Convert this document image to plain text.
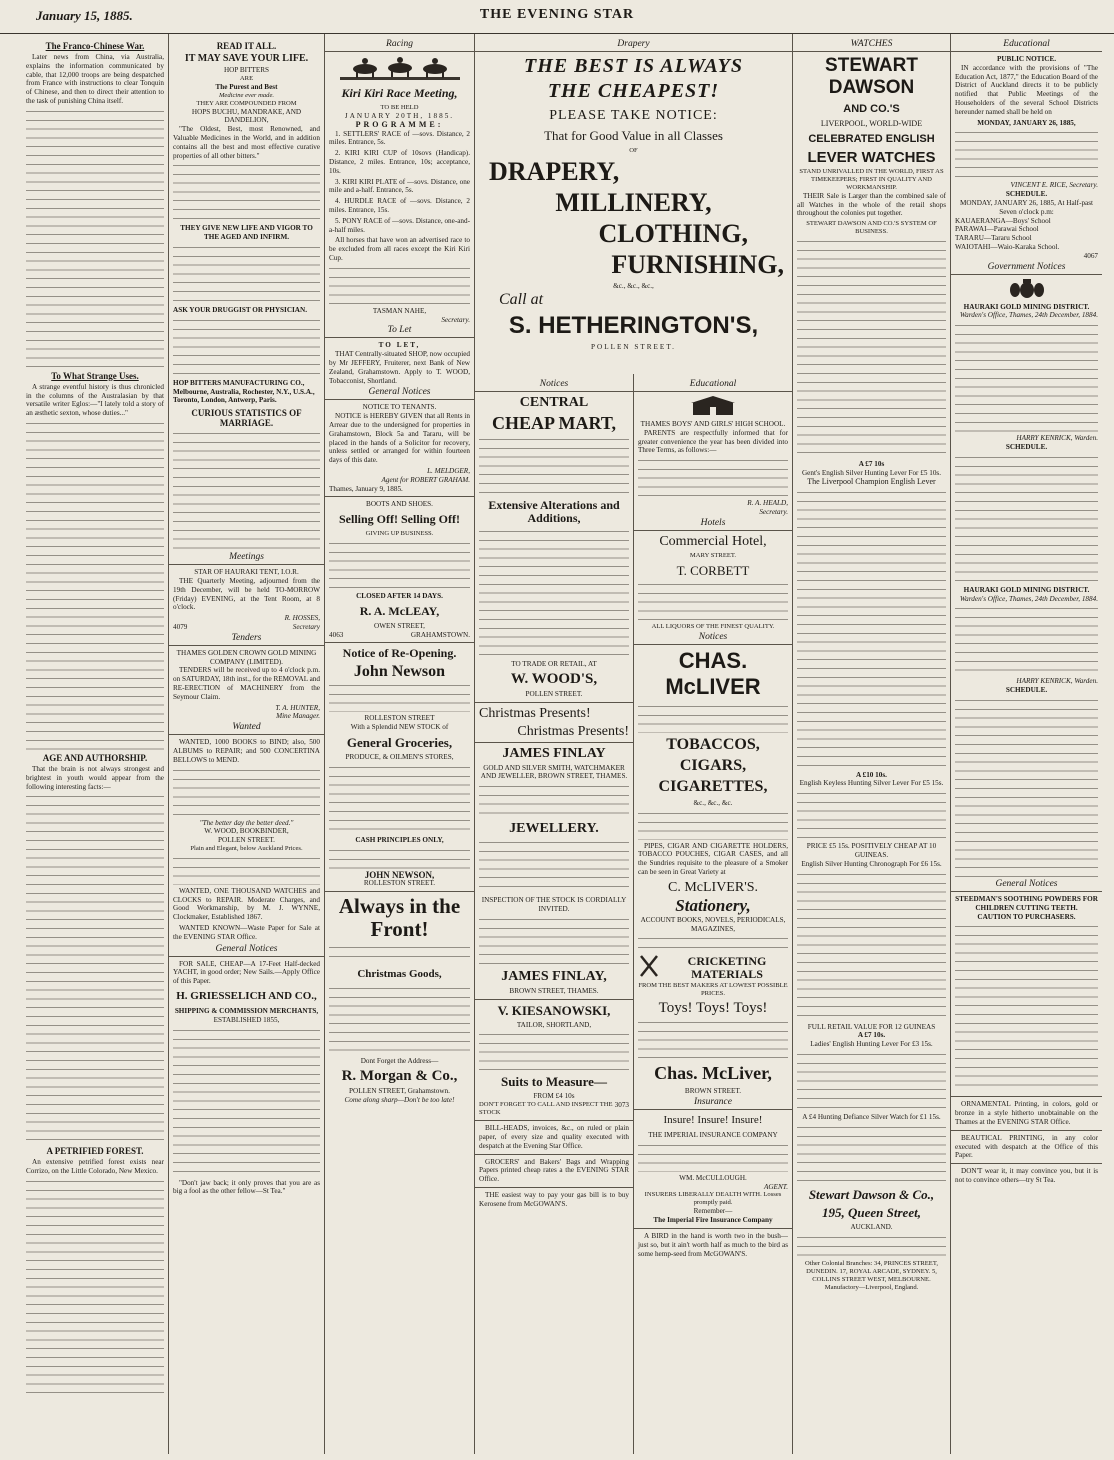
January 15, 1885.	THE EVENING STAR
The Franco-Chinese War.
Later news from China, via Australia, explains the information communicated by cable, that 12,000 troops are being despatched from France with instructions to clear Tonquin of Chinese, and then to direct their attention to the task of punishing China itself.
To What Strange Uses.
A strange eventful history is thus chronicled in the columns of the Australasian by that versatile writer Eglos:—"I lately told a story of an æsthetic sexton, whose duties..."
AGE AND AUTHORSHIP.
That the brain is not always strongest and brightest in youth would appear from the following interesting facts:—
A PETRIFIED FOREST.
An extensive petrified forest exists near Corrizo, on the Little Colorado, New Mexico.
READ IT ALL.
IT MAY SAVE YOUR LIFE.
HOP BITTERS
ARE
The Purest and Best
Medicine ever made.
THEY ARE COMPOUNDED FROM
HOPS BUCHU, MANDRAKE, AND DANDELION,
"The Oldest, Best, most Renowned, and Valuable Medicines in the World, and in addition contains all the best and most effective curative properties of all other bitters."
THEY GIVE NEW LIFE AND VIGOR TO THE AGED AND INFIRM.
ASK YOUR DRUGGIST OR PHYSICIAN.
HOP BITTERS MANUFACTURING CO., Melbourne, Australia, Rochester, N.Y., U.S.A., Toronto, London, Antwerp, Paris.
CURIOUS STATISTICS OF MARRIAGE.
Meetings
STAR OF HAURAKI TENT, I.O.R.
THE Quarterly Meeting, adjourned from the 19th December, will be held TO-MORROW (Friday) EVENING, at the Tent Room, at 8 o'clock.
R. HOSSES,
4079	Secretary
Tenders
THAMES GOLDEN CROWN GOLD MINING COMPANY (LIMITED).
TENDERS will be received up to 4 o'clock p.m. on SATURDAY, 18th inst., for the REMOVAL and RE-ERECTION of MACHINERY from the Seymour Claim.
T. A. HUNTER,
Mine Manager.
Wanted
WANTED, 1000 BOOKS to BIND; also, 500 ALBUMS to REPAIR; and 500 CONCERTINA BELLOWS to MEND.
"The better day the better deed."
W. WOOD, BOOKBINDER,
POLLEN STREET.
Plain and Elegant, below Auckland Prices.
WANTED, ONE THOUSAND WATCHES and CLOCKS to REPAIR. Moderate Charges, and Good Workmanship, by M. J. WYNNE, Clockmaker, Established 1867.
WANTED KNOWN—Waste Paper for Sale at the EVENING STAR Office.
General Notices
FOR SALE, CHEAP—A 17-Feet Half-decked YACHT, in good order; New Sails.—Apply Office of this Paper.
H. GRIESSELICH AND CO.,
SHIPPING & COMMISSION MERCHANTS,
ESTABLISHED 1855,
"Don't jaw back; it only proves that you are as big a fool as the other fellow—St Tea."
Racing
Kiri Kiri Race Meeting,
TO BE HELD
JANUARY 20TH, 1885.
PROGRAMME:
1. SETTLERS' RACE of —sovs. Distance, 2 miles. Entrance, 5s.
2. KIRI KIRI CUP of 10sovs (Handicap). Distance, 2 miles. Entrance, 10s; acceptance, 10s.
3. KIRI KIRI PLATE of —sovs. Distance, one mile and a-half. Entrance, 5s.
4. HURDLE RACE of —sovs. Distance, 2 miles. Entrance, 15s.
5. PONY RACE of —sovs. Distance, one-and-a-half miles.
All horses that have won an advertised race to be excluded from all races except the Kiri Kiri Cup.
TASMAN NAHE,
Secretary.
To Let
TO LET,
THAT Centrally-situated SHOP, now occupied by Mr JEFFERY, Fruiterer, next Bank of New Zealand, Grahamstown. Apply to T. WOOD, Tobacconist, Shortland.
General Notices
NOTICE TO TENANTS.
NOTICE is HEREBY GIVEN that all Rents in Arrear due to the undersigned for properties in Grahamstown, Block 5a and Tararu, will be placed in the hands of a Solicitor for recovery, unless settled or arranged for within fourteen days of this date.
L. MELDGER,
Agent for ROBERT GRAHAM.
Thames, January 9, 1885.
BOOTS AND SHOES.
Selling Off! Selling Off!
GIVING UP BUSINESS.
CLOSED AFTER 14 DAYS.
R. A. McLEAY,
OWEN STREET,
4063	GRAHAMSTOWN.
Notice of Re-Opening.
John Newson
ROLLESTON STREET
With a Splendid NEW STOCK of
General Groceries,
PRODUCE, & OILMEN'S STORES,
CASH PRINCIPLES ONLY,
JOHN NEWSON,
ROLLESTON STREET.
Always in the Front!
Christmas Goods,
Dont Forget the Address—
R. Morgan & Co.,
POLLEN STREET, Grahamstown.
Come along sharp—Don't be too late!
Drapery
THE BEST IS ALWAYS
THE CHEAPEST!
PLEASE TAKE NOTICE:
That for Good Value in all Classes
OF
DRAPERY,
MILLINERY,
CLOTHING,
FURNISHING,
&c., &c., &c.,
Call at
S. HETHERINGTON'S,
POLLEN STREET.
Notices
CENTRAL
CHEAP MART,
Extensive Alterations and Additions,
TO TRADE OR RETAIL, AT
W. WOOD'S,
POLLEN STREET.
Christmas Presents!
Christmas Presents!
JAMES FINLAY
GOLD AND SILVER SMITH, WATCHMAKER AND JEWELLER, BROWN STREET, THAMES.
JEWELLERY.
INSPECTION OF THE STOCK IS CORDIALLY INVITED.
JAMES FINLAY,
BROWN STREET, THAMES.
V. KIESANOWSKI,
TAILOR, SHORTLAND,
Suits to Measure—
FROM £4 10s
DON'T FORGET TO CALL AND INSPECT THE STOCK
3073
BILL-HEADS, invoices, &c., on ruled or plain paper, of every size and quality executed with despatch at the Evening Star Office.
GROCERS' and Bakers' Bags and Wrapping Papers printed cheap rates a the EVENING STAR Office.
THE easiest way to pay your gas bill is to buy Kerosene from McGOWAN'S.
Educational
THAMES BOYS' AND GIRLS' HIGH SCHOOL.
PARENTS are respectfully informed that for greater convenience the year has been divided into Three Terms, as follows:—
R. A. HEALD,
Secretary.
Hotels
Commercial Hotel,
MARY STREET.
T. CORBETT
ALL LIQUORS OF THE FINEST QUALITY.
Notices
CHAS. McLIVER
TOBACCOS,
CIGARS,
CIGARETTES,
&c., &c., &c.
PIPES, CIGAR AND CIGARETTE HOLDERS, TOBACCO POUCHES, CIGAR CASES, and all the Sundries requisite to the pleasure of a Smoker can be seen in Great Variety at
C. McLIVER'S.
Stationery,
ACCOUNT BOOKS, NOVELS, PERIODICALS, MAGAZINES,
CRICKETING MATERIALS
FROM THE BEST MAKERS AT LOWEST POSSIBLE PRICES.
Toys! Toys! Toys!
Chas. McLiver,
BROWN STREET.
Insurance
Insure! Insure! Insure!
THE IMPERIAL INSURANCE COMPANY
WM. McCULLOUGH.
AGENT.
INSURERS LIBERALLY DEALTH WITH. Losses promptly paid.
Remember—
The Imperial Fire Insurance Company
A BIRD in the hand is worth two in the bush—just so, but it ain't worth half as much to the bird as some hemp-seed from McGOWAN'S.
WATCHES
STEWART DAWSON
AND CO.'S
LIVERPOOL, WORLD-WIDE
CELEBRATED ENGLISH
LEVER WATCHES
STAND UNRIVALLED IN THE WORLD, FIRST AS TIMEKEEPERS; FIRST IN QUALITY AND WORKMANSHIP.
THEIR Sale is Larger than the combined sale of all Watches in the whole of the retail shops throughout the colonies put together.
STEWART DAWSON AND CO.'S SYSTEM OF BUSINESS.
A £7 10s
Gent's English Silver Hunting Lever For £5 10s.
The Liverpool Champion English Lever
A £10 10s.
English Keyless Hunting Silver Lever For £5 15s.
PRICE £5 15s. POSITIVELY CHEAP AT 10 GUINEAS.
English Silver Hunting Chronograph For £6 15s.
FULL RETAIL VALUE FOR 12 GUINEAS
A £7 10s.
Ladies' English Hunting Lever For £3 15s.
A £4 Hunting Defiance Silver Watch for £1 15s.
Stewart Dawson & Co.,
195, Queen Street,
AUCKLAND.
Other Colonial Branches: 34, PRINCES STREET, DUNEDIN. 17, ROYAL ARCADE, SYDNEY. 5, COLLINS STREET WEST, MELBOURNE. Manufactory—Liverpool, England.
Educational
PUBLIC NOTICE.
IN accordance with the provisions of "The Education Act, 1877," the Education Board of the District of Auckland directs it to be publicly notified that Public Meetings of the Householders of the several School Districts hereunder named shall be held on
MONDAY, JANUARY 26, 1885,
VINCENT E. RICE, Secretary.
SCHEDULE.
MONDAY, JANUARY 26, 1885, At Half-past Seven o'clock p.m:
KAUAERANGA—Boys' School
PARAWAI—Parawai School
TARARU—Tararu School
WAIOTAHI—Waio-Karaka School.
4067
Government Notices
HAURAKI GOLD MINING DISTRICT.
Warden's Office, Thames, 24th December, 1884.
HARRY KENRICK, Warden.
SCHEDULE.
HAURAKI GOLD MINING DISTRICT.
Warden's Office, Thames, 24th December, 1884.
HARRY KENRICK, Warden.
SCHEDULE.
General Notices
STEEDMAN'S SOOTHING POWDERS FOR CHILDREN CUTTING TEETH.
CAUTION TO PURCHASERS.
ORNAMENTAL Printing, in colors, gold or bronze in a style hitherto unobtainable on the Thames at the EVENING STAR Office.
BEAUTICAL PRINTING, in any color executed with despatch at the Office of this Paper.
DON'T wear it, it may convince you, but it is not to convince others—try St Tea.
